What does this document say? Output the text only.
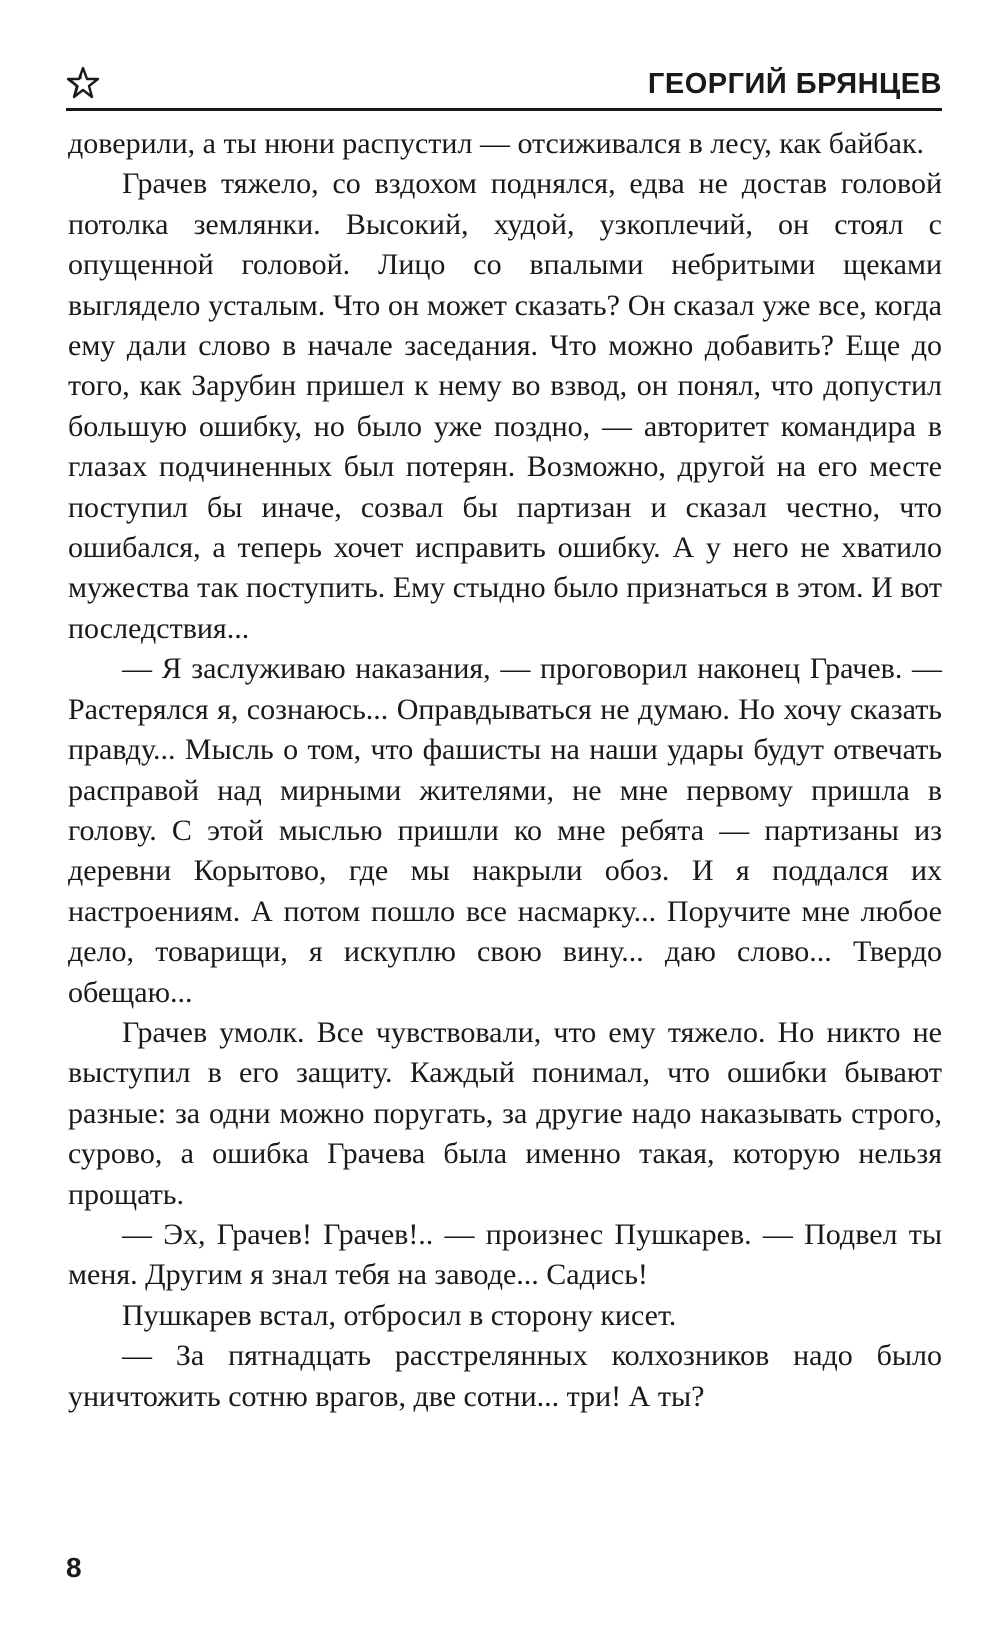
ГЕОРГИЙ БРЯНЦЕВ

доверили, а ты нюни распустил — отсиживался в лесу, как байбак.

Грачев тяжело, со вздохом поднялся, едва не достав головой потолка землянки. Высокий, худой, узкоплечий, он стоял с опущенной головой. Лицо со впалыми небритыми щеками выглядело усталым. Что он может сказать? Он сказал уже все, когда ему дали слово в начале заседания. Что можно добавить? Еще до того, как Зарубин пришел к нему во взвод, он понял, что допустил большую ошибку, но было уже поздно, — авторитет командира в глазах подчиненных был потерян. Возможно, другой на его месте поступил бы иначе, созвал бы партизан и сказал честно, что ошибался, а теперь хочет исправить ошибку. А у него не хватило мужества так поступить. Ему стыдно было признаться в этом. И вот последствия...

— Я заслуживаю наказания, — проговорил наконец Грачев. — Растерялся я, сознаюсь... Оправдываться не думаю. Но хочу сказать правду... Мысль о том, что фашисты на наши удары будут отвечать расправой над мирными жителями, не мне первому пришла в голову. С этой мыслью пришли ко мне ребята — партизаны из деревни Корытово, где мы накрыли обоз. И я поддался их настроениям. А потом пошло все насмарку... Поручите мне любое дело, товарищи, я искуплю свою вину... даю слово... Твердо обещаю...

Грачев умолк. Все чувствовали, что ему тяжело. Но никто не выступил в его защиту. Каждый понимал, что ошибки бывают разные: за одни можно поругать, за другие надо наказывать строго, сурово, а ошибка Грачева была именно такая, которую нельзя прощать.

— Эх, Грачев! Грачев!.. — произнес Пушкарев. — Подвел ты меня. Другим я знал тебя на заводе... Садись!

Пушкарев встал, отбросил в сторону кисет.

— За пятнадцать расстрелянных колхозников надо было уничтожить сотню врагов, две сотни... три! А ты?

8
